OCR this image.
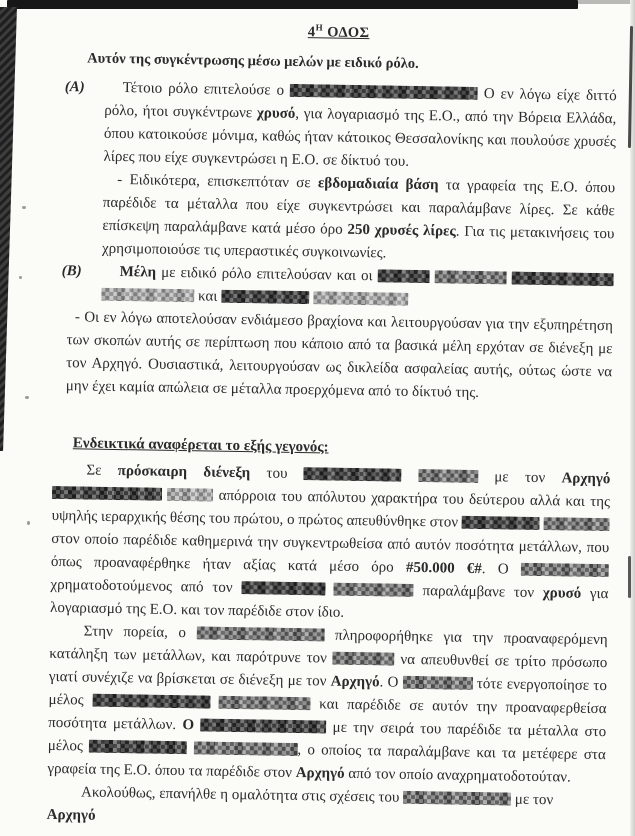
$4^H$ ΟΔΟΣ

Αυτόν της συγκέντρωσης μέσω μελών με ειδικό ρόλο.

(Α)	Τέτοιο ρόλο επιτελούσε ο	Ο εν λόγω είχε διττό ρόλο, ήτοι συγκέντρωνε χρυσό, για λογαριασμό της Ε.Ο., από την Βόρεια Ελλάδα, όπου κατοικούσε μόνιμα, καθώς ήταν κάτοικος Θεσσαλονίκης και πουλούσε χρυσές λίρες που είχε συγκεντρώσει η Ε.Ο. σε δίκτυό του.

- Ειδικότερα, επισκεπτόταν σε εβδομαδιαία βάση τα γραφεία της Ε.Ο. όπου παρέδιδε τα μέταλλα που είχε συγκεντρώσει και παραλάμβανε λίρες. Σε κάθε επίσκεψη παραλάμβανε κατά μέσο όρο 250 χρυσές λίρες. Για τις μετακινήσεις του χρησιμοποιούσε τις υπεραστικές συγκοινωνίες.

(Β)	Μέλη με ειδικό ρόλο επιτελούσαν και οι     και

- Οι εν λόγω αποτελούσαν ενδιάμεσο βραχίονα και λειτουργούσαν για την εξυπηρέτηση των σκοπών αυτής σε περίπτωση που κάποιο από τα βασικά μέλη ερχόταν σε διένεξη με τον Αρχηγό. Ουσιαστικά, λειτουργούσαν ως δικλείδα ασφαλείας αυτής, ούτως ώστε να μην έχει καμία απώλεια σε μέταλλα προερχόμενα από το δίκτυό της.

Ενδεικτικά αναφέρεται το εξής γεγονός:

Σε πρόσκαιρη διένεξη του	με τον Αρχηγό   απόρροια του απόλυτου χαρακτήρα του δεύτερου αλλά και της υψηλής ιεραρχικής θέσης του πρώτου, ο πρώτος απευθύνθηκε στον   στον οποίο παρέδιδε καθημερινά την συγκεντρωθείσα από αυτόν ποσότητα μετάλλων, που όπως προαναφέρθηκε ήταν αξίας κατά μέσο όρο #50.000 €#. Ο  χρηματοδοτούμενος από τον	παραλάμβανε τον χρυσό για λογαριασμό της Ε.Ο. και τον παρέδιδε στον ίδιο.

Στην πορεία, ο	πληροφορήθηκε για την προαναφερόμενη κατάληξη των μετάλλων, και παρότρυνε τον	να απευθυνθεί σε τρίτο πρόσωπο γιατί συνέχιζε να βρίσκεται σε διένεξη με τον Αρχηγό. Ο	τότε ενεργοποίησε το μέλος	και παρέδιδε σε αυτόν την προαναφερθείσα ποσότητα μετάλλων. Ο	με την σειρά του παρέδιδε τα μέταλλα στο μέλος	, ο οποίος τα παραλάμβανε και τα μετέφερε στα γραφεία της Ε.Ο. όπου τα παρέδιδε στον Αρχηγό από τον οποίο αναχρηματοδοτούταν.

Ακολούθως, επανήλθε η ομαλότητα στις σχέσεις του	με τον
Αρχηγό
